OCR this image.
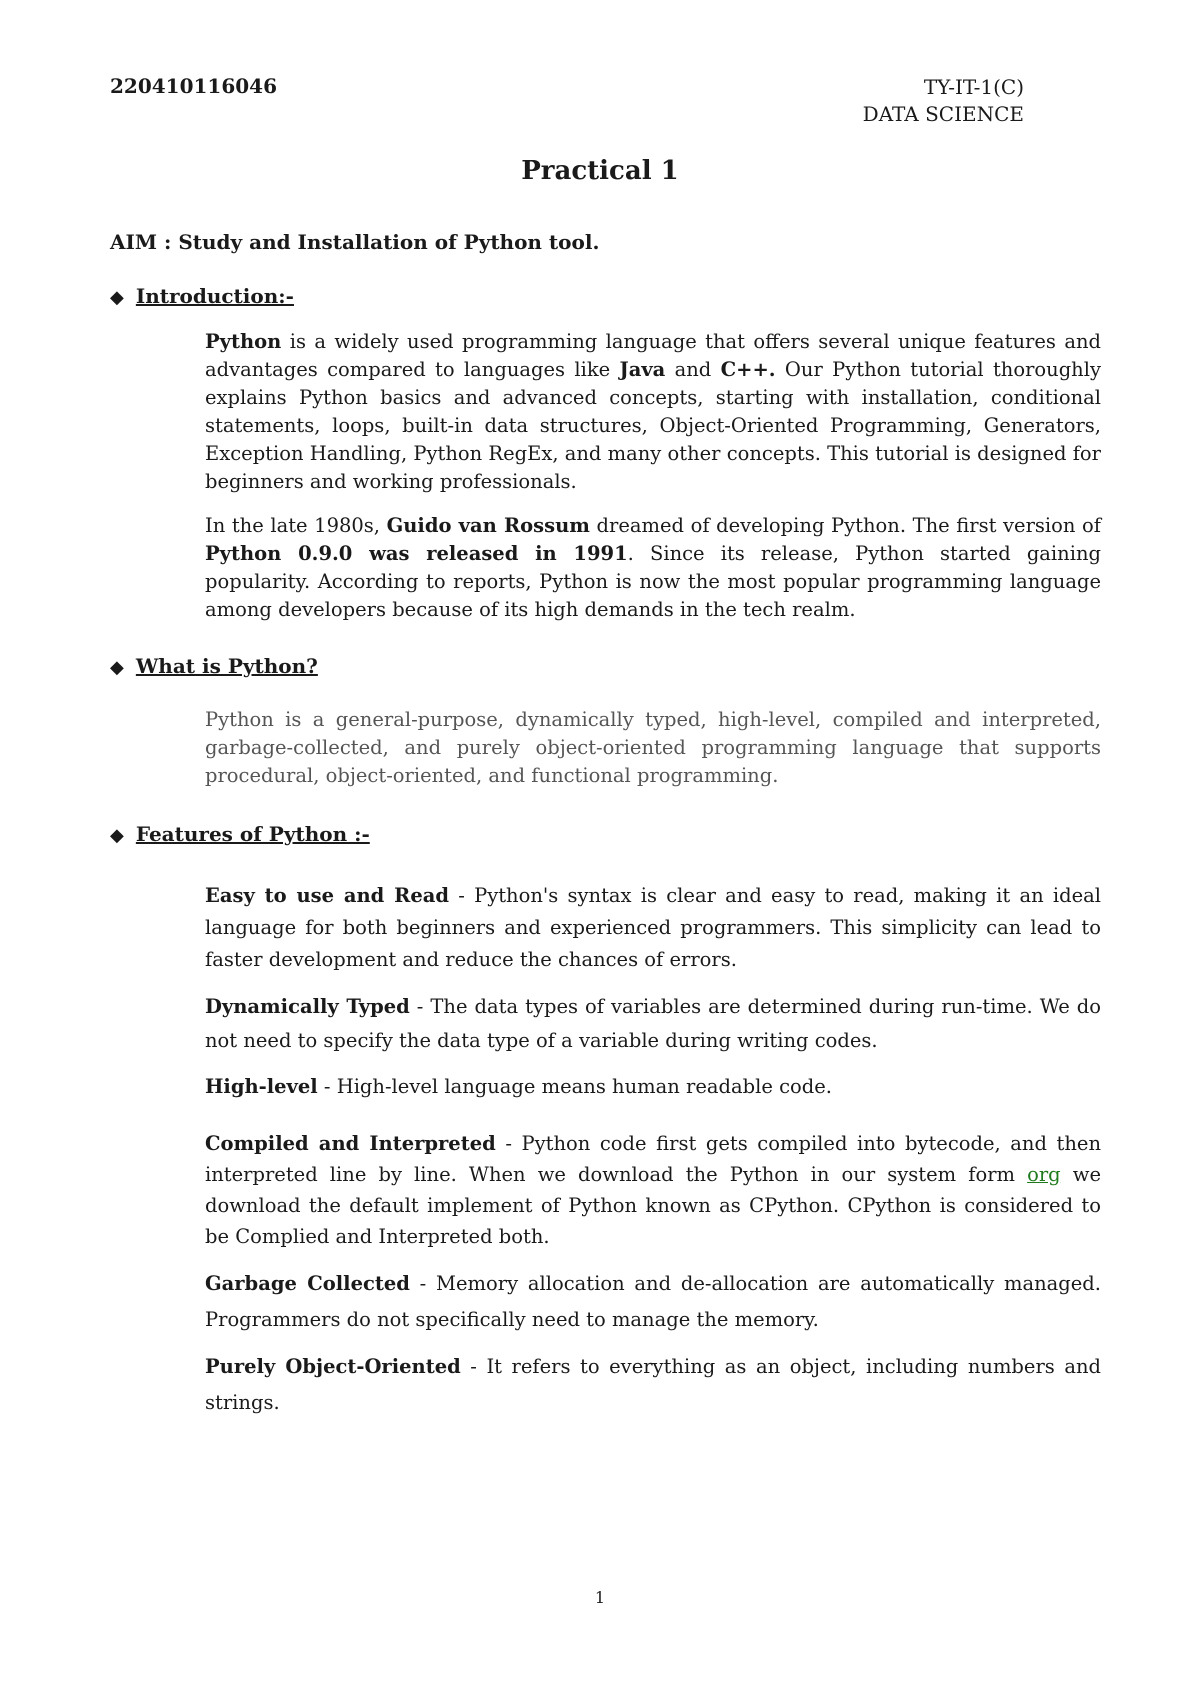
220410116046	TY-IT-1(C)
DATA SCIENCE
Practical 1
AIM : Study and Installation of Python tool.
◆ Introduction:-
Python is a widely used programming language that offers several unique features and advantages compared to languages like Java and C++. Our Python tutorial thoroughly explains Python basics and advanced concepts, starting with installation, conditional statements, loops, built-in data structures, Object-Oriented Programming, Generators, Exception Handling, Python RegEx, and many other concepts. This tutorial is designed for beginners and working professionals.
In the late 1980s, Guido van Rossum dreamed of developing Python. The first version of Python 0.9.0 was released in 1991. Since its release, Python started gaining popularity. According to reports, Python is now the most popular programming language among developers because of its high demands in the tech realm.
◆ What is Python?
Python is a general-purpose, dynamically typed, high-level, compiled and interpreted, garbage-collected, and purely object-oriented programming language that supports procedural, object-oriented, and functional programming.
◆ Features of Python :-
Easy to use and Read - Python's syntax is clear and easy to read, making it an ideal language for both beginners and experienced programmers. This simplicity can lead to faster development and reduce the chances of errors.
Dynamically Typed - The data types of variables are determined during run-time. We do not need to specify the data type of a variable during writing codes.
High-level - High-level language means human readable code.
Compiled and Interpreted - Python code first gets compiled into bytecode, and then interpreted line by line. When we download the Python in our system form org we download the default implement of Python known as CPython. CPython is considered to be Complied and Interpreted both.
Garbage Collected - Memory allocation and de-allocation are automatically managed. Programmers do not specifically need to manage the memory.
Purely Object-Oriented - It refers to everything as an object, including numbers and strings.
1
